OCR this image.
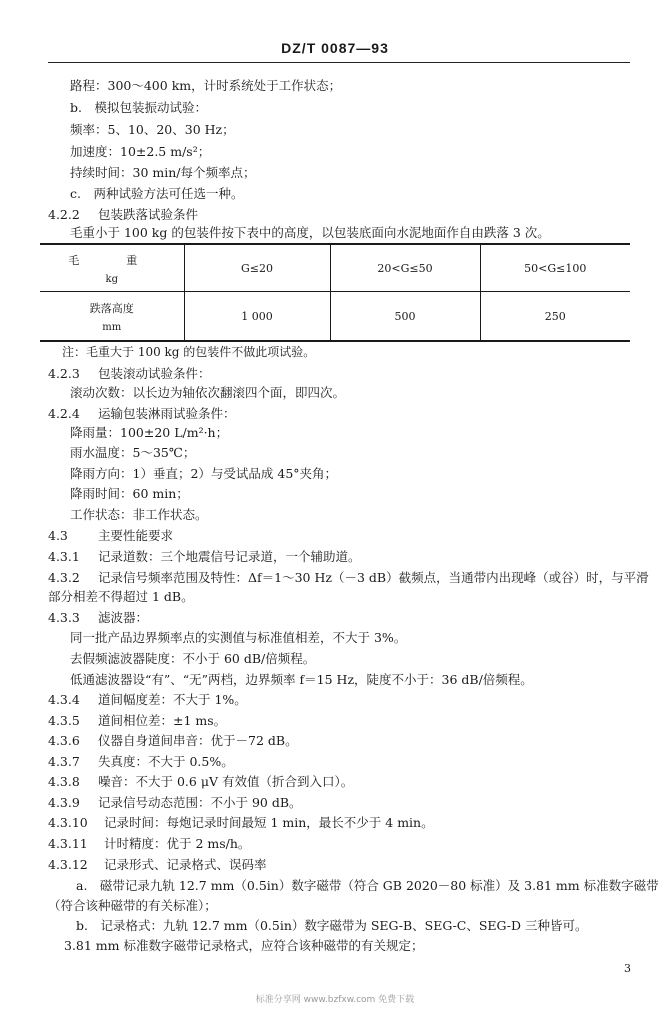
DZ/T 0087—93
路程：300～400 km，计时系统处于工作状态；
b.　模拟包装振动试验：
频率：5、10、20、30 Hz；
加速度：10±2.5 m/s²；
持续时间：30 min/每个频率点；
c.　两种试验方法可任选一种。
4.2.2 包装跌落试验条件
毛重小于 100 kg 的包装件按下表中的高度，以包装底面向水泥地面作自由跌落 3 次。
毛　重
kg	G≤20	20<G≤50	50<G≤100

跌落高度
mm	1 000	500	250
注：毛重大于 100 kg 的包装件不做此项试验。
4.2.3 包装滚动试验条件：
滚动次数：以长边为轴依次翻滚四个面，即四次。
4.2.4 运输包装淋雨试验条件：
降雨量：100±20 L/m²·h；
雨水温度：5～35℃；
降雨方向：1）垂直；2）与受试品成 45°夹角；
降雨时间：60 min；
工作状态：非工作状态。
4.3 主要性能要求
4.3.1 记录道数：三个地震信号记录道，一个辅助道。
4.3.2 记录信号频率范围及特性：Δf＝1～30 Hz（－3 dB）截频点，当通带内出现峰（或谷）时，与平滑
部分相差不得超过 1 dB。
4.3.3 滤波器：
同一批产品边界频率点的实测值与标准值相差，不大于 3%。
去假频滤波器陡度：不小于 60 dB/倍频程。
低通滤波器设“有”、“无”两档，边界频率 f＝15 Hz，陡度不小于：36 dB/倍频程。
4.3.4 道间幅度差：不大于 1%。
4.3.5 道间相位差：±1 ms。
4.3.6 仪器自身道间串音：优于－72 dB。
4.3.7 失真度：不大于 0.5%。
4.3.8 噪音：不大于 0.6 μV 有效值（折合到入口）。
4.3.9 记录信号动态范围：不小于 90 dB。
4.3.10 记录时间：每炮记录时间最短 1 min，最长不少于 4 min。
4.3.11 计时精度：优于 2 ms/h。
4.3.12 记录形式、记录格式、误码率
a.　磁带记录九轨 12.7 mm（0.5in）数字磁带（符合 GB 2020－80 标准）及 3.81 mm 标准数字磁带
（符合该种磁带的有关标准）；
b.　记录格式：九轨 12.7 mm（0.5in）数字磁带为 SEG-B、SEG-C、SEG-D 三种皆可。
3.81 mm 标准数字磁带记录格式，应符合该种磁带的有关规定；
3
标准分享网 www.bzfxw.com 免费下载
